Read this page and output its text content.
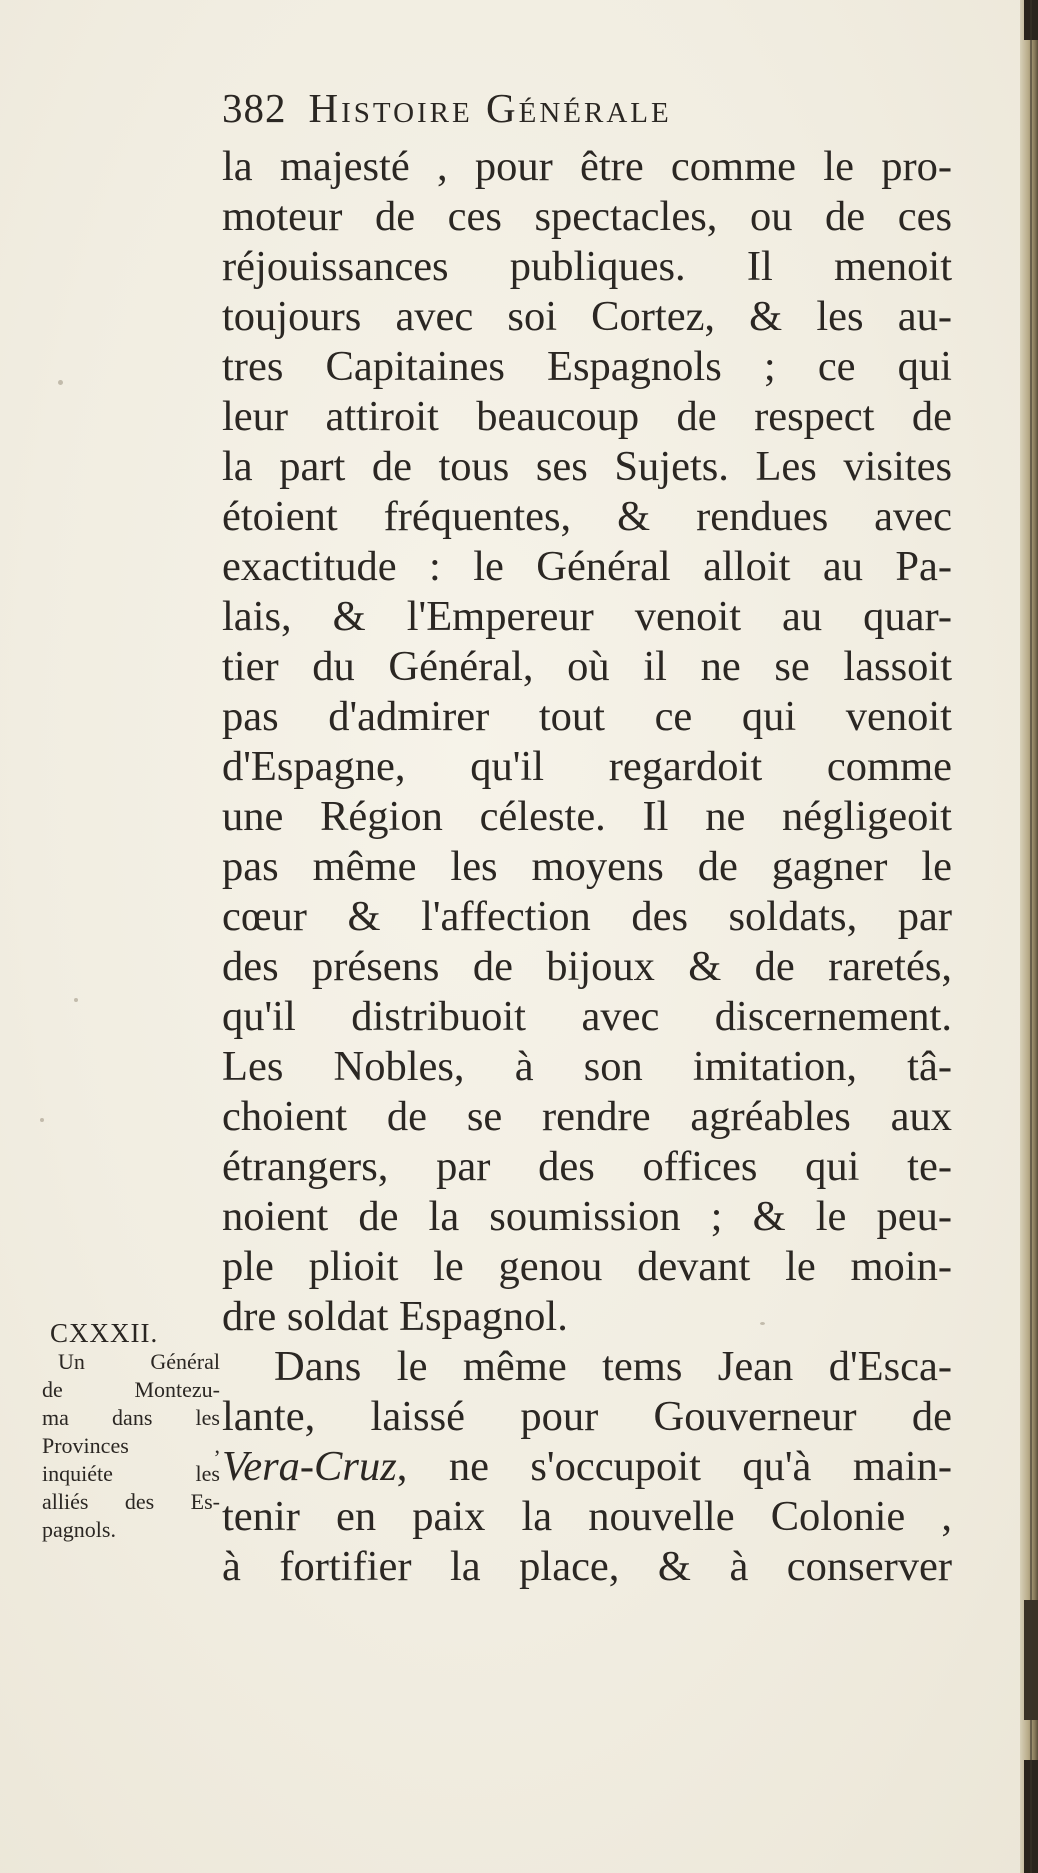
382 Histoire Générale
la majesté , pour être comme le pro-
moteur de ces spectacles, ou de ces
réjouissances publiques. Il menoit
toujours avec soi Cortez, & les au-
tres Capitaines Espagnols ; ce qui
leur attiroit beaucoup de respect de
la part de tous ses Sujets. Les visites
étoient fréquentes, & rendues avec
exactitude : le Général alloit au Pa-
lais, & l'Empereur venoit au quar-
tier du Général, où il ne se lassoit
pas d'admirer tout ce qui venoit
d'Espagne, qu'il regardoit comme
une Région céleste. Il ne négligeoit
pas même les moyens de gagner le
cœur & l'affection des soldats, par
des présens de bijoux & de raretés,
qu'il distribuoit avec discernement.
Les Nobles, à son imitation, tâ-
choient de se rendre agréables aux
étrangers, par des offices qui te-
noient de la soumission ; & le peu-
ple plioit le genou devant le moin-
dre soldat Espagnol.
Dans le même tems Jean d'Esca-
lante, laissé pour Gouverneur de
Vera-Cruz, ne s'occupoit qu'à main-
tenir en paix la nouvelle Colonie ,
à fortifier la place, & à conserver
CXXXII.
Un Général
de Montezu-
ma dans les
Provinces ,
inquiéte les
alliés des Es-
pagnols.
